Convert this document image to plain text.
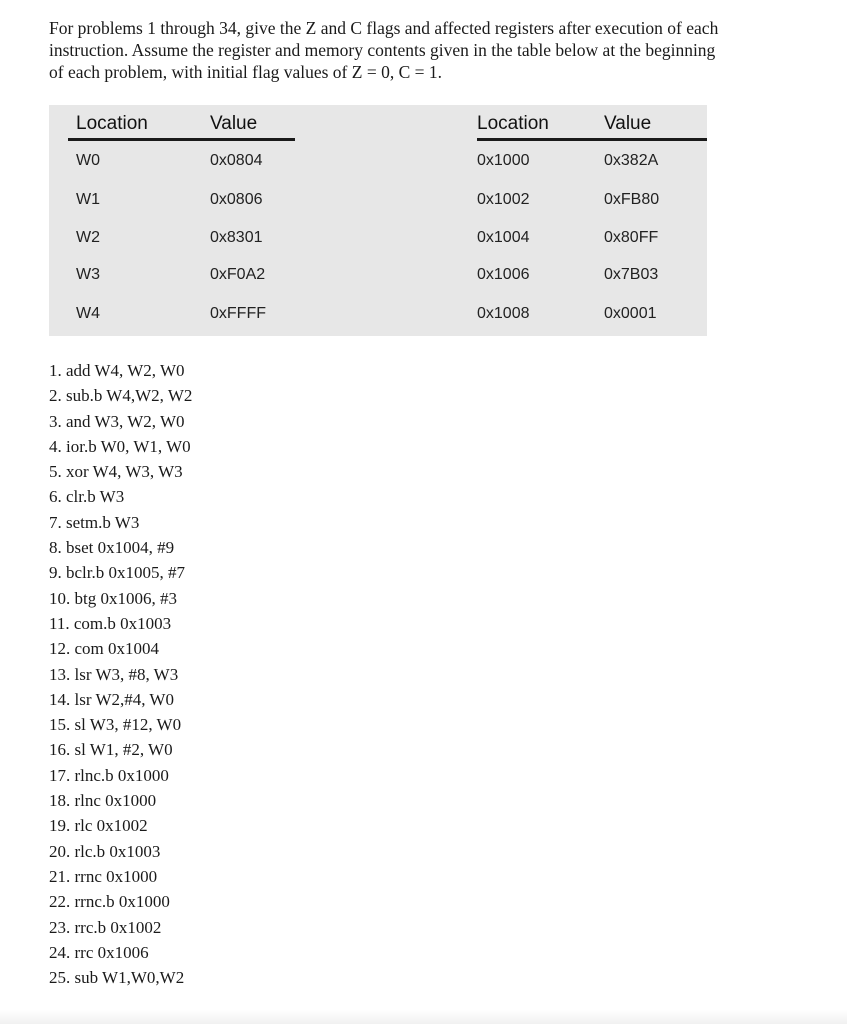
For problems 1 through 34, give the Z and C flags and affected registers after execution of each

instruction. Assume the register and memory contents given in the table below at the beginning

of each problem, with initial flag values of Z = 0, C = 1.

Location	Value	Location	Value
W0	0x0804	0x1000	0x382A
W1	0x0806	0x1002	0xFB80
W2	0x8301	0x1004	0x80FF
W3	0xF0A2	0x1006	0x7B03
W4	0xFFFF	0x1008	0x0001
1. add W4, W2, W0
2. sub.b W4,W2, W2
3. and W3, W2, W0
4. ior.b W0, W1, W0
5. xor W4, W3, W3
6. clr.b W3
7. setm.b W3
8. bset 0x1004, #9
9. bclr.b 0x1005, #7
10. btg 0x1006, #3
11. com.b 0x1003
12. com 0x1004
13. lsr W3, #8, W3
14. lsr W2,#4, W0
15. sl W3, #12, W0
16. sl W1, #2, W0
17. rlnc.b 0x1000
18. rlnc 0x1000
19. rlc 0x1002
20. rlc.b 0x1003
21. rrnc 0x1000
22. rrnc.b 0x1000
23. rrc.b 0x1002
24. rrc 0x1006
25. sub W1,W0,W2
